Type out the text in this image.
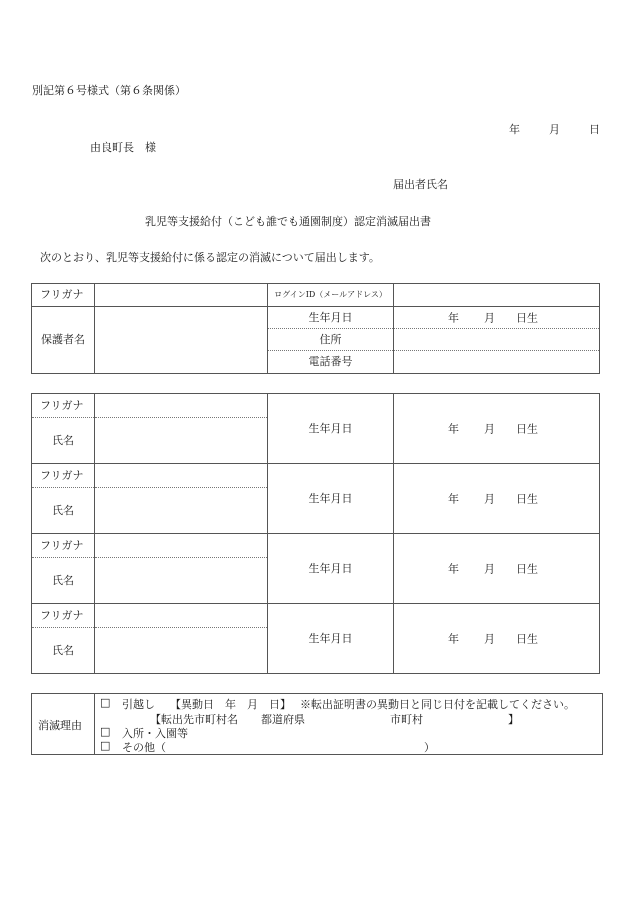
別記第６号様式（第６条関係）
年	月	日
由良町長　様
届出者氏名
乳児等支援給付（こども誰でも通園制度）認定消滅届出書
次のとおり、乳児等支援給付に係る認定の消滅について届出します。
フリガナ		ログインID（メールアドレス）	
保護者名		生年月日	年 月 日生

		住所	
		電話番号	
フリガナ		生年月日	年 月 日生

氏名			
フリガナ		生年月日	年 月 日生

氏名			
フリガナ		生年月日	年 月 日生

氏名			
フリガナ		生年月日	年 月 日生

氏名			
消滅理由
□ 引越し 【異動日　年　月　日】 ※転出証明書の異動日と同じ日付を記載してください。
【転出先市町村名 都道府県	市町村	】
□ 入所・入園等
□ その他（	）
